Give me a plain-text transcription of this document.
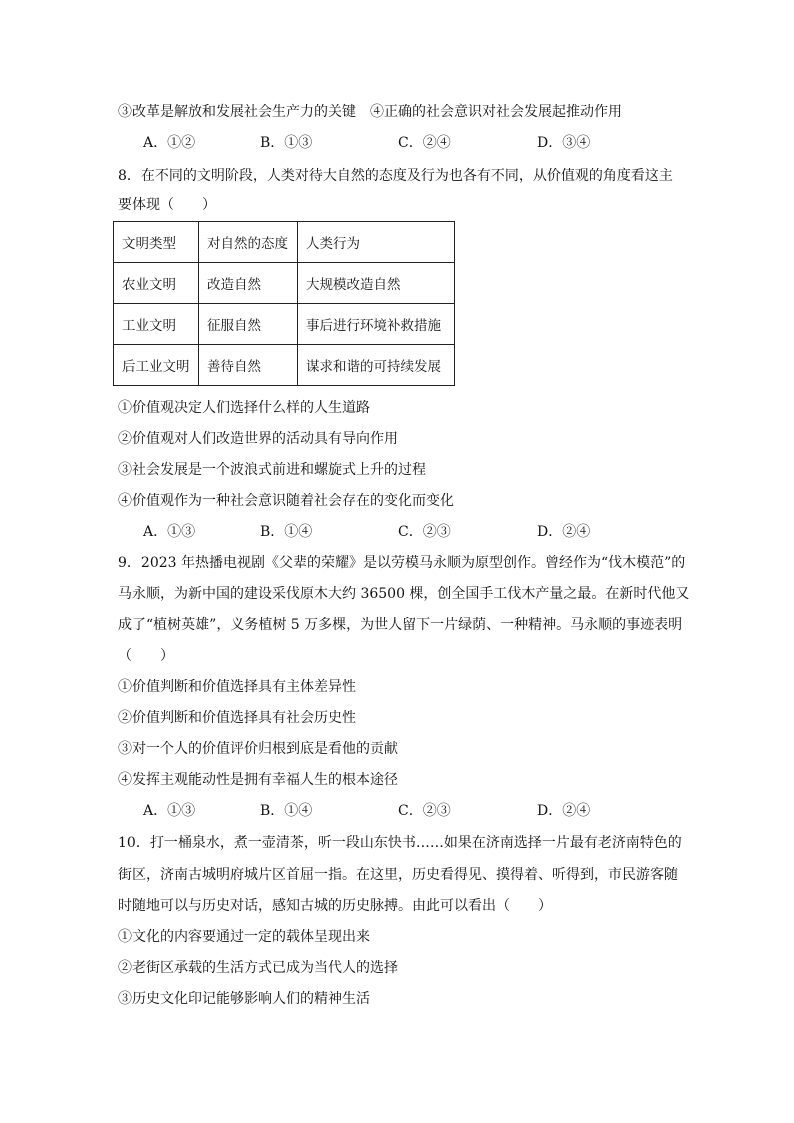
③改革是解放和发展社会生产力的关键　④正确的社会意识对社会发展起推动作用
A．①②	B．①③	C．②④	D．③④
8．在不同的文明阶段，人类对待大自然的态度及行为也各有不同，从价值观的角度看这主
要体现（　　）
文明类型	对自然的态度	人类行为
农业文明	改造自然	大规模改造自然
工业文明	征服自然	事后进行环境补救措施
后工业文明	善待自然	谋求和谐的可持续发展
①价值观决定人们选择什么样的人生道路
②价值观对人们改造世界的活动具有导向作用
③社会发展是一个波浪式前进和螺旋式上升的过程
④价值观作为一种社会意识随着社会存在的变化而变化
A．①③	B．①④	C．②③	D．②④
9．2023 年热播电视剧《父辈的荣耀》是以劳模马永顺为原型创作。曾经作为“伐木模范”的
马永顺，为新中国的建设采伐原木大约 36500 棵，创全国手工伐木产量之最。在新时代他又
成了“植树英雄”，义务植树 5 万多棵，为世人留下一片绿荫、一种精神。马永顺的事迹表明
（　　）
①价值判断和价值选择具有主体差异性
②价值判断和价值选择具有社会历史性
③对一个人的价值评价归根到底是看他的贡献
④发挥主观能动性是拥有幸福人生的根本途径
A．①③	B．①④	C．②③	D．②④
10．打一桶泉水，煮一壶清茶，听一段山东快书……如果在济南选择一片最有老济南特色的
街区，济南古城明府城片区首屈一指。在这里，历史看得见、摸得着、听得到，市民游客随
时随地可以与历史对话，感知古城的历史脉搏。由此可以看出（　　）
①文化的内容要通过一定的载体呈现出来
②老街区承载的生活方式已成为当代人的选择
③历史文化印记能够影响人们的精神生活
